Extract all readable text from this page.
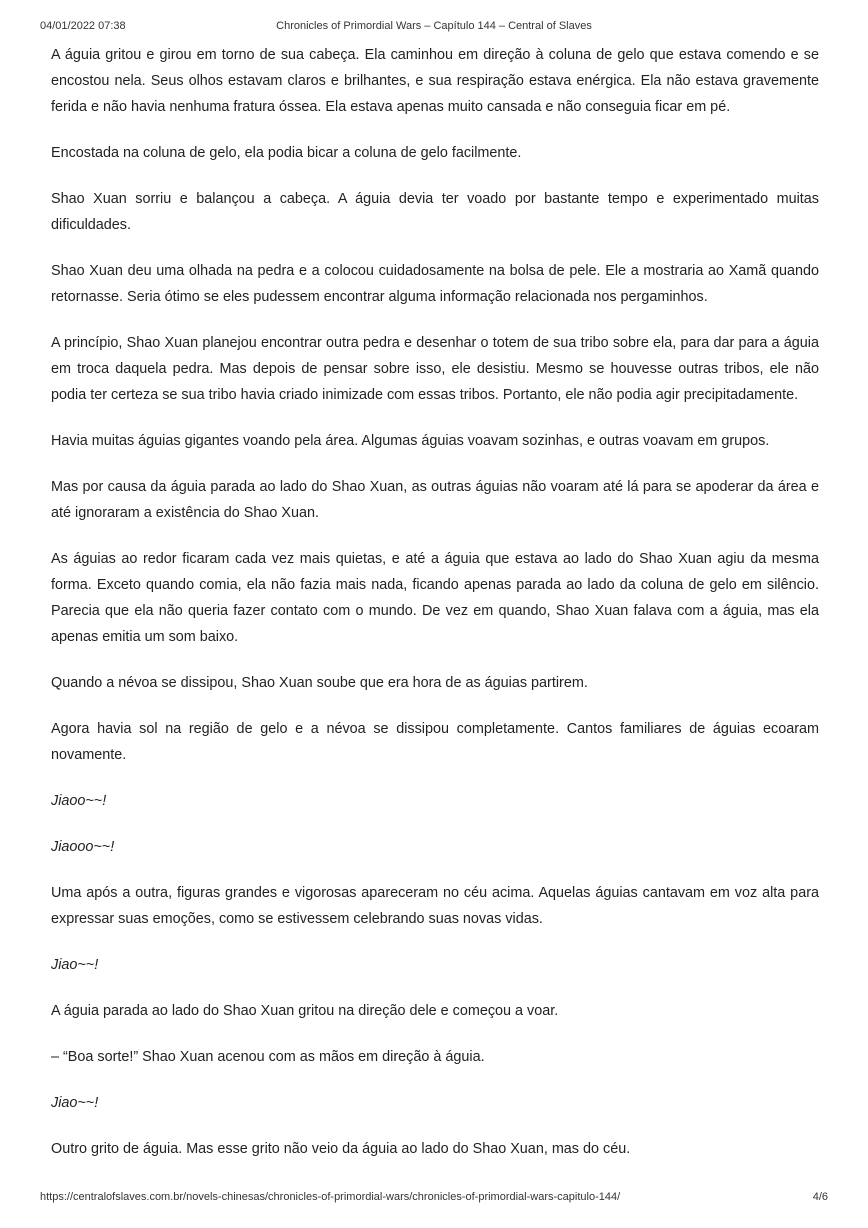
04/01/2022 07:38	Chronicles of Primordial Wars – Capítulo 144 – Central of Slaves

A águia gritou e girou em torno de sua cabeça. Ela caminhou em direção à coluna de gelo que estava comendo e se encostou nela. Seus olhos estavam claros e brilhantes, e sua respiração estava enérgica. Ela não estava gravemente ferida e não havia nenhuma fratura óssea. Ela estava apenas muito cansada e não conseguia ficar em pé.

Encostada na coluna de gelo, ela podia bicar a coluna de gelo facilmente.

Shao Xuan sorriu e balançou a cabeça. A águia devia ter voado por bastante tempo e experimentado muitas dificuldades.

Shao Xuan deu uma olhada na pedra e a colocou cuidadosamente na bolsa de pele. Ele a mostraria ao Xamã quando retornasse. Seria ótimo se eles pudessem encontrar alguma informação relacionada nos pergaminhos.

A princípio, Shao Xuan planejou encontrar outra pedra e desenhar o totem de sua tribo sobre ela, para dar para a águia em troca daquela pedra. Mas depois de pensar sobre isso, ele desistiu. Mesmo se houvesse outras tribos, ele não podia ter certeza se sua tribo havia criado inimizade com essas tribos. Portanto, ele não podia agir precipitadamente.

Havia muitas águias gigantes voando pela área. Algumas águias voavam sozinhas, e outras voavam em grupos.

Mas por causa da águia parada ao lado do Shao Xuan, as outras águias não voaram até lá para se apoderar da área e até ignoraram a existência do Shao Xuan.

As águias ao redor ficaram cada vez mais quietas, e até a águia que estava ao lado do Shao Xuan agiu da mesma forma. Exceto quando comia, ela não fazia mais nada, ficando apenas parada ao lado da coluna de gelo em silêncio. Parecia que ela não queria fazer contato com o mundo. De vez em quando, Shao Xuan falava com a águia, mas ela apenas emitia um som baixo.

Quando a névoa se dissipou, Shao Xuan soube que era hora de as águias partirem.

Agora havia sol na região de gelo e a névoa se dissipou completamente. Cantos familiares de águias ecoaram novamente.

Jiaoo~~!

Jiaooo~~!

Uma após a outra, figuras grandes e vigorosas apareceram no céu acima. Aquelas águias cantavam em voz alta para expressar suas emoções, como se estivessem celebrando suas novas vidas.

Jiao~~!

A águia parada ao lado do Shao Xuan gritou na direção dele e começou a voar.

– “Boa sorte!” Shao Xuan acenou com as mãos em direção à águia.

Jiao~~!

Outro grito de águia. Mas esse grito não veio da águia ao lado do Shao Xuan, mas do céu.

https://centralofslaves.com.br/novels-chinesas/chronicles-of-primordial-wars/chronicles-of-primordial-wars-capitulo-144/	4/6
